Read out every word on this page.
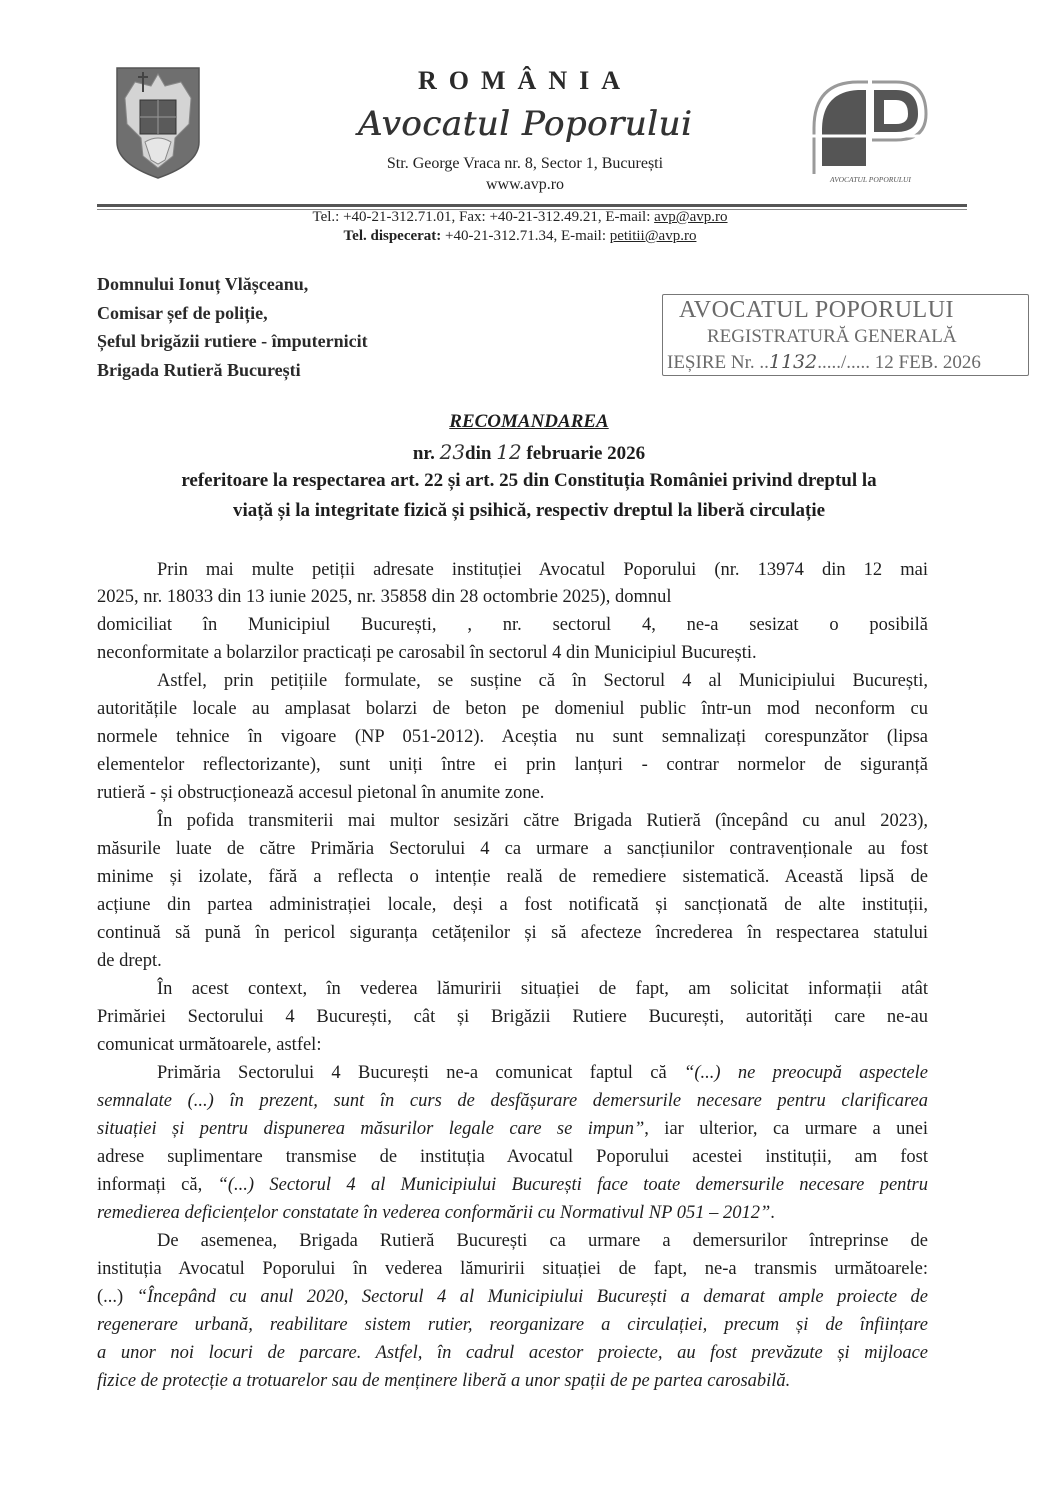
ROMÂNIA
Avocatul Poporului
Str. George Vraca nr. 8, Sector 1, București
www.avp.ro	AVOCATUL POPORULUI
Tel.: +40-21-312.71.01, Fax: +40-21-312.49.21, E-mail: avp@avp.ro
Tel. dispecerat: +40-21-312.71.34, E-mail: petitii@avp.ro
Domnului Ionuț Vlășceanu,
Comisar șef de poliție,
Șeful brigăzii rutiere - împuternicit
Brigada Rutieră București
AVOCATUL POPORULUI
REGISTRATURĂ GENERALĂ
IEȘIRE Nr. ..1132...../..... 12 FEB. 2026
RECOMANDAREA
nr. 23din 12 februarie 2026
referitoare la respectarea art. 22 și art. 25 din Constituția României privind dreptul la
viață și la integritate fizică și psihică, respectiv dreptul la liberă circulație
Prin mai multe petiții adresate instituției Avocatul Poporului (nr. 13974 din 12 mai
2025, nr. 18033 din 13 iunie 2025, nr. 35858 din 28 octombrie 2025), domnul
domiciliat în Municipiul București, , nr. sectorul 4, ne-a sesizat o posibilă
neconformitate a bolarzilor practicați pe carosabil în sectorul 4 din Municipiul București.
Astfel, prin petițiile formulate, se susține că în Sectorul 4 al Municipiului București,
autoritățile locale au amplasat bolarzi de beton pe domeniul public într-un mod neconform cu
normele tehnice în vigoare (NP 051-2012). Aceștia nu sunt semnalizați corespunzător (lipsa
elementelor reflectorizante), sunt uniți între ei prin lanțuri - contrar normelor de siguranță
rutieră - și obstrucționează accesul pietonal în anumite zone.
În pofida transmiterii mai multor sesizări către Brigada Rutieră (începând cu anul 2023),
măsurile luate de către Primăria Sectorului 4 ca urmare a sancțiunilor contravenționale au fost
minime și izolate, fără a reflecta o intenție reală de remediere sistematică. Această lipsă de
acțiune din partea administrației locale, deși a fost notificată și sancționată de alte instituții,
continuă să pună în pericol siguranța cetățenilor și să afecteze încrederea în respectarea statului
de drept.
În acest context, în vederea lămuririi situației de fapt, am solicitat informații atât
Primăriei Sectorului 4 București, cât și Brigăzii Rutiere București, autorități care ne-au
comunicat următoarele, astfel:
Primăria Sectorului 4 București ne-a comunicat faptul că “(...) ne preocupă aspectele
semnalate (...) în prezent, sunt în curs de desfășurare demersurile necesare pentru clarificarea
situației și pentru dispunerea măsurilor legale care se impun”, iar ulterior, ca urmare a unei
adrese suplimentare transmise de instituția Avocatul Poporului acestei instituții, am fost
informați că, “(...) Sectorul 4 al Municipiului București face toate demersurile necesare pentru
remedierea deficiențelor constatate în vederea conformării cu Normativul NP 051 – 2012”.
De asemenea, Brigada Rutieră București ca urmare a demersurilor întreprinse de
instituția Avocatul Poporului în vederea lămuririi situației de fapt, ne-a transmis următoarele:
(...) “Începând cu anul 2020, Sectorul 4 al Municipiului București a demarat ample proiecte de
regenerare urbană, reabilitare sistem rutier, reorganizare a circulației, precum și de înființare
a unor noi locuri de parcare. Astfel, în cadrul acestor proiecte, au fost prevăzute și mijloace
fizice de protecție a trotuarelor sau de menținere liberă a unor spații de pe partea carosabilă.
